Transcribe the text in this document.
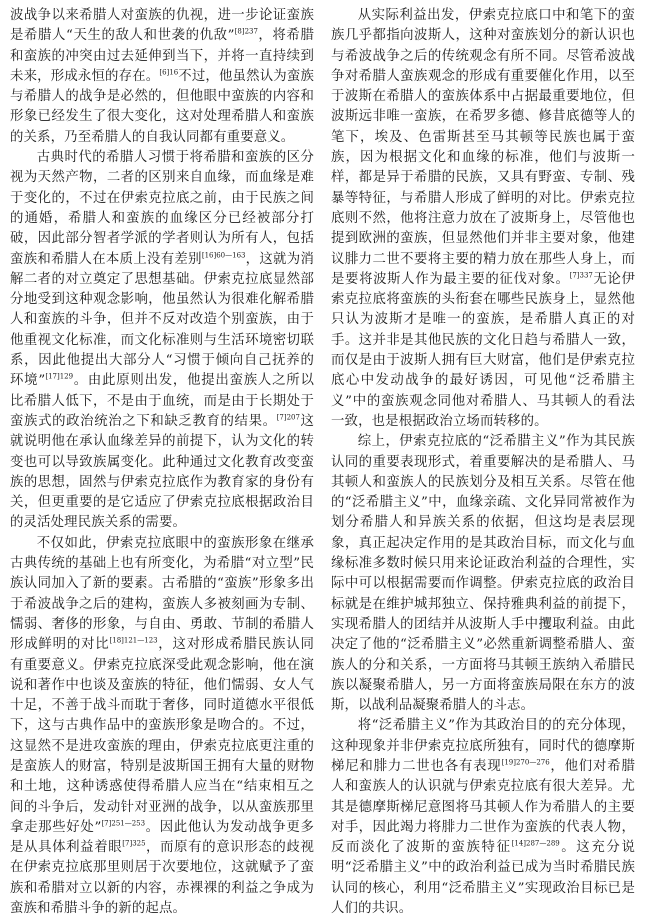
波战争以来希腊人对蛮族的仇视，进一步论证蛮族是希腊人“天生的敌人和世袭的仇敌”$^{[8]237}$，将希腊和蛮族的冲突由过去延伸到当下，并将一直持续到未来，形成永恒的存在。$^{[6]16}$不过，他虽然认为蛮族与希腊人的战争是必然的，但他眼中蛮族的内容和形象已经发生了很大变化，这对处理希腊人和蛮族的关系，乃至希腊人的自我认同都有重要意义。

古典时代的希腊人习惯于将希腊和蛮族的区分视为天然产物，二者的区别来自血缘，而血缘是难于变化的，不过在伊索克拉底之前，由于民族之间的通婚，希腊人和蛮族的血缘区分已经被部分打破，因此部分智者学派的学者则认为所有人，包括蛮族和希腊人在本质上没有差别$^{[16]60—163}$，这就为消解二者的对立奠定了思想基础。伊索克拉底显然部分地受到这种观念影响，他虽然认为很难化解希腊人和蛮族的斗争，但并不反对改造个别蛮族，由于他重视文化标准，而文化标准则与生活环境密切联系，因此他提出大部分人“习惯于倾向自己抚养的环境”$^{[17]129}$。由此原则出发，他提出蛮族人之所以比希腊人低下，不是由于血统，而是由于长期处于蛮族式的政治统治之下和缺乏教育的结果。$^{[7]207}$这就说明他在承认血缘差异的前提下，认为文化的转变也可以导致族属变化。此种通过文化教育改变蛮族的思想，固然与伊索克拉底作为教育家的身份有关，但更重要的是它适应了伊索克拉底根据政治目的灵活处理民族关系的需要。

不仅如此，伊索克拉底眼中的蛮族形象在继承古典传统的基础上也有所变化，为希腊“对立型”民族认同加入了新的要素。古希腊的“蛮族”形象多出于希波战争之后的建构，蛮族人多被刻画为专制、懦弱、奢侈的形象，与自由、勇敢、节制的希腊人形成鲜明的对比$^{[18]121—123}$，这对形成希腊民族认同有重要意义。伊索克拉底深受此观念影响，他在演说和著作中也谈及蛮族的特征，他们懦弱、女人气十足，不善于战斗而耽于奢侈，同时道德水平很低下，这与古典作品中的蛮族形象是吻合的。不过，这显然不是进攻蛮族的理由，伊索克拉底更注重的是蛮族人的财富，特别是波斯国王拥有大量的财物和土地，这种诱惑使得希腊人应当在“结束相互之间的斗争后，发动针对亚洲的战争，以从蛮族那里拿走那些好处”$^{[7]251—253}$。因此他认为发动战争更多是从具体利益着眼$^{[7]325}$，而原有的意识形态的歧视在伊索克拉底那里则居于次要地位，这就赋予了蛮族和希腊对立以新的内容，赤裸裸的利益之争成为蛮族和希腊斗争的新的起点。

从实际利益出发，伊索克拉底口中和笔下的蛮族几乎都指向波斯人，这种对蛮族划分的新认识也与希波战争之后的传统观念有所不同。尽管希波战争对希腊人蛮族观念的形成有重要催化作用，以至于波斯在希腊人的蛮族体系中占据最重要地位，但波斯远非唯一蛮族，在希罗多德、修昔底德等人的笔下，埃及、色雷斯甚至马其顿等民族也属于蛮族，因为根据文化和血缘的标准，他们与波斯一样，都是异于希腊的民族，又具有野蛮、专制、残暴等特征，与希腊人形成了鲜明的对比。伊索克拉底则不然，他将注意力放在了波斯身上，尽管他也提到欧洲的蛮族，但显然他们并非主要对象，他建议腓力二世不要将主要的精力放在那些人身上，而是要将波斯人作为最主要的征伐对象。$^{[7]337}$无论伊索克拉底将蛮族的头衔套在哪些民族身上，显然他只认为波斯才是唯一的蛮族，是希腊人真正的对手。这并非是其他民族的文化日趋与希腊人一致，而仅是由于波斯人拥有巨大财富，他们是伊索克拉底心中发动战争的最好诱因，可见他“泛希腊主义”中的蛮族观念同他对希腊人、马其顿人的看法一致，也是根据政治立场而转移的。

综上，伊索克拉底的“泛希腊主义”作为其民族认同的重要表现形式，着重要解决的是希腊人、马其顿人和蛮族人的民族划分及相互关系。尽管在他的“泛希腊主义”中，血缘亲疏、文化异同常被作为划分希腊人和异族关系的依据，但这均是表层现象，真正起决定作用的是其政治目标，而文化与血缘标准多数时候只用来论证政治利益的合理性，实际中可以根据需要而作调整。伊索克拉底的政治目标就是在维护城邦独立、保持雅典利益的前提下，实现希腊人的团结并从波斯人手中攫取利益。由此决定了他的“泛希腊主义”必然重新调整希腊人、蛮族人的分和关系，一方面将马其顿王族纳入希腊民族以凝聚希腊人，另一方面将蛮族局限在东方的波斯，以战利品凝聚希腊人的斗志。

将“泛希腊主义”作为其政治目的的充分体现，这种现象并非伊索克拉底所独有，同时代的德摩斯梯尼和腓力二世也各有表现$^{[19]270—276}$，他们对希腊人和蛮族人的认识就与伊索克拉底有很大差异。尤其是德摩斯梯尼意图将马其顿人作为希腊人的主要对手，因此竭力将腓力二世作为蛮族的代表人物，反而淡化了波斯的蛮族特征$^{[14]287—289}$。这充分说明“泛希腊主义”中的政治利益已成为当时希腊民族认同的核心，利用“泛希腊主义”实现政治目标已是人们的共识。
